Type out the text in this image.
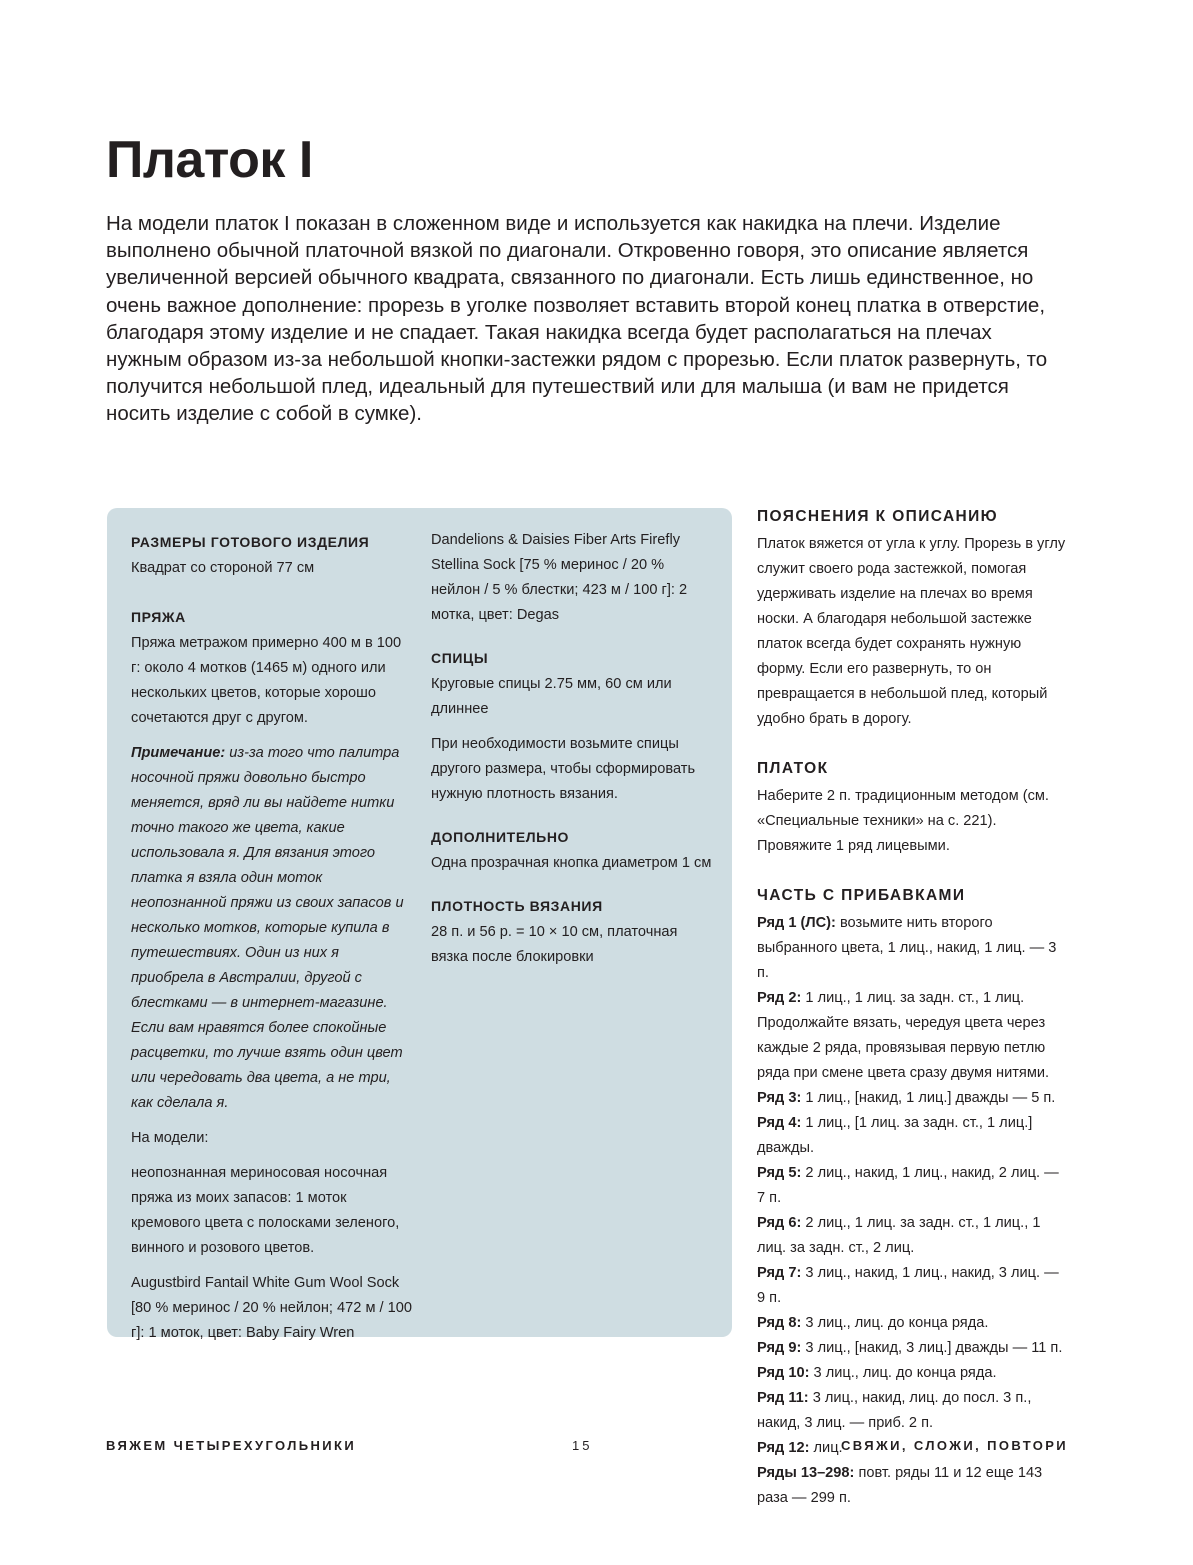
Платок I

На модели платок I показан в сложенном виде и используется как накидка на плечи. Изделие выполнено обычной платочной вязкой по диагонали. Откровенно говоря, это описание является увеличенной версией обычного квадрата, связанного по диагонали. Есть лишь единственное, но очень важное дополнение: прорезь в уголке позволяет вставить второй конец платка в отверстие, благодаря этому изделие и не спадает. Такая накидка всегда будет располагаться на плечах нужным образом из-за небольшой кнопки-застежки рядом с прорезью. Если платок развернуть, то получится небольшой плед, идеальный для путешествий или для малыша (и вам не придется носить изделие с собой в сумке).

РАЗМЕРЫ ГОТОВОГО ИЗДЕЛИЯ

Квадрат со стороной 77 см

ПРЯЖА

Пряжа метражом примерно 400 м в 100 г: около 4 мотков (1465 м) одного или нескольких цветов, которые хорошо сочетаются друг с другом.

Примечание: из-за того что палитра носочной пряжи довольно быстро меняется, вряд ли вы найдете нитки точно такого же цвета, какие использовала я. Для вязания этого платка я взяла один моток неопознанной пряжи из своих запасов и несколько мотков, которые купила в путешествиях. Один из них я приобрела в Австралии, другой с блестками — в интернет-магазине. Если вам нравятся более спокойные расцветки, то лучше взять один цвет или чередовать два цвета, а не три, как сделала я.

На модели:

неопознанная мериносовая носочная пряжа из моих запасов: 1 моток кремового цвета с полосками зеленого, винного и розового цветов.

Augustbird Fantail White Gum Wool Sock [80 % меринос / 20 % нейлон; 472 м / 100 г]: 1 моток, цвет: Baby Fairy Wren

Dandelions & Daisies Fiber Arts Firefly Stellina Sock [75 % меринос / 20 % нейлон / 5 % блестки; 423 м / 100 г]: 2 мотка, цвет: Degas

СПИЦЫ

Круговые спицы 2.75 мм, 60 см или длиннее

При необходимости возьмите спицы другого размера, чтобы сформировать нужную плотность вязания.

ДОПОЛНИТЕЛЬНО

Одна прозрачная кнопка диаметром 1 см

ПЛОТНОСТЬ ВЯЗАНИЯ

28 п. и 56 р. = 10 × 10 см, платочная вязка после блокировки

ПОЯСНЕНИЯ К ОПИСАНИЮ

Платок вяжется от угла к углу. Прорезь в углу служит своего рода застежкой, помогая удерживать изделие на плечах во время носки. А благодаря небольшой застежке платок всегда будет сохранять нужную форму. Если его развернуть, то он превращается в небольшой плед, который удобно брать в дорогу.

ПЛАТОК

Наберите 2 п. традиционным методом (см. «Специальные техники» на с. 221). Провяжите 1 ряд лицевыми.

ЧАСТЬ С ПРИБАВКАМИ

Ряд 1 (ЛС): возьмите нить второго выбранного цвета, 1 лиц., накид, 1 лиц. — 3 п.

Ряд 2: 1 лиц., 1 лиц. за задн. ст., 1 лиц. Продолжайте вязать, чередуя цвета через каждые 2 ряда, провязывая первую петлю ряда при смене цвета сразу двумя нитями.

Ряд 3: 1 лиц., [накид, 1 лиц.] дважды — 5 п.

Ряд 4: 1 лиц., [1 лиц. за задн. ст., 1 лиц.] дважды.

Ряд 5: 2 лиц., накид, 1 лиц., накид, 2 лиц. — 7 п.

Ряд 6: 2 лиц., 1 лиц. за задн. ст., 1 лиц., 1 лиц. за задн. ст., 2 лиц.

Ряд 7: 3 лиц., накид, 1 лиц., накид, 3 лиц. — 9 п.

Ряд 8: 3 лиц., лиц. до конца ряда.

Ряд 9: 3 лиц., [накид, 3 лиц.] дважды — 11 п.

Ряд 10: 3 лиц., лиц. до конца ряда.

Ряд 11: 3 лиц., накид, лиц. до посл. 3 п., накид, 3 лиц. — приб. 2 п.

Ряд 12: лиц.

Ряды 13–298: повт. ряды 11 и 12 еще 143 раза — 299 п.

ВЯЖЕМ ЧЕТЫРЕХУГОЛЬНИКИ	15	СВЯЖИ, СЛОЖИ, ПОВТОРИ
